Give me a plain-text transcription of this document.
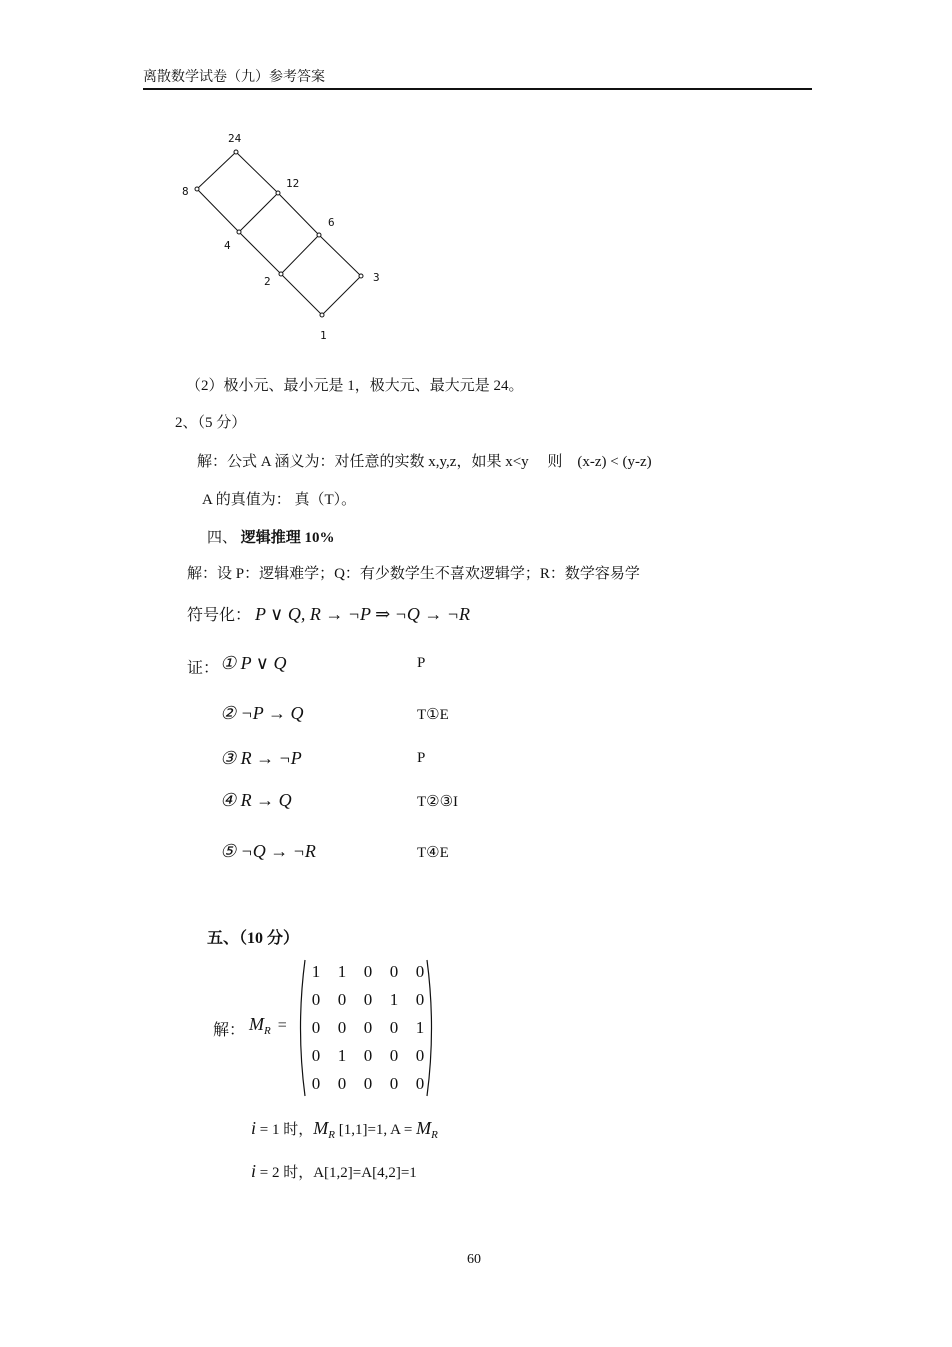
离散数学试卷（九）参考答案
24
8
12
4
6
2	3
1
（2）极小元、最小元是 1，极大元、最大元是 24。
2、（5 分）
解：公式 A 涵义为：对任意的实数 x,y,z，如果 x<y　 则　(x-z) < (y-z)
A 的真值为： 真（T）。
四、 逻辑推理 10%
解：设 P：逻辑难学；Q：有少数学生不喜欢逻辑学；R：数学容易学
符号化： P ∨ Q, R → ¬P ⇒ ¬Q → ¬R
证： ① P ∨ Q	P
② ¬P → Q	T①E
③ R → ¬P	P
④ R → Q	T②③I
⑤ ¬Q → ¬R	T④E
五、（10 分）
解： $M_R$ =
1	1	0	0	0
0	0	0	1	0
0	0	0	0	1
0	1	0	0	0
0	0	0	0	0
i = 1 时，$M_R$ [1,1]=1, $A = M_R$
i = 2 时，A[1,2]=A[4,2]=1
60
